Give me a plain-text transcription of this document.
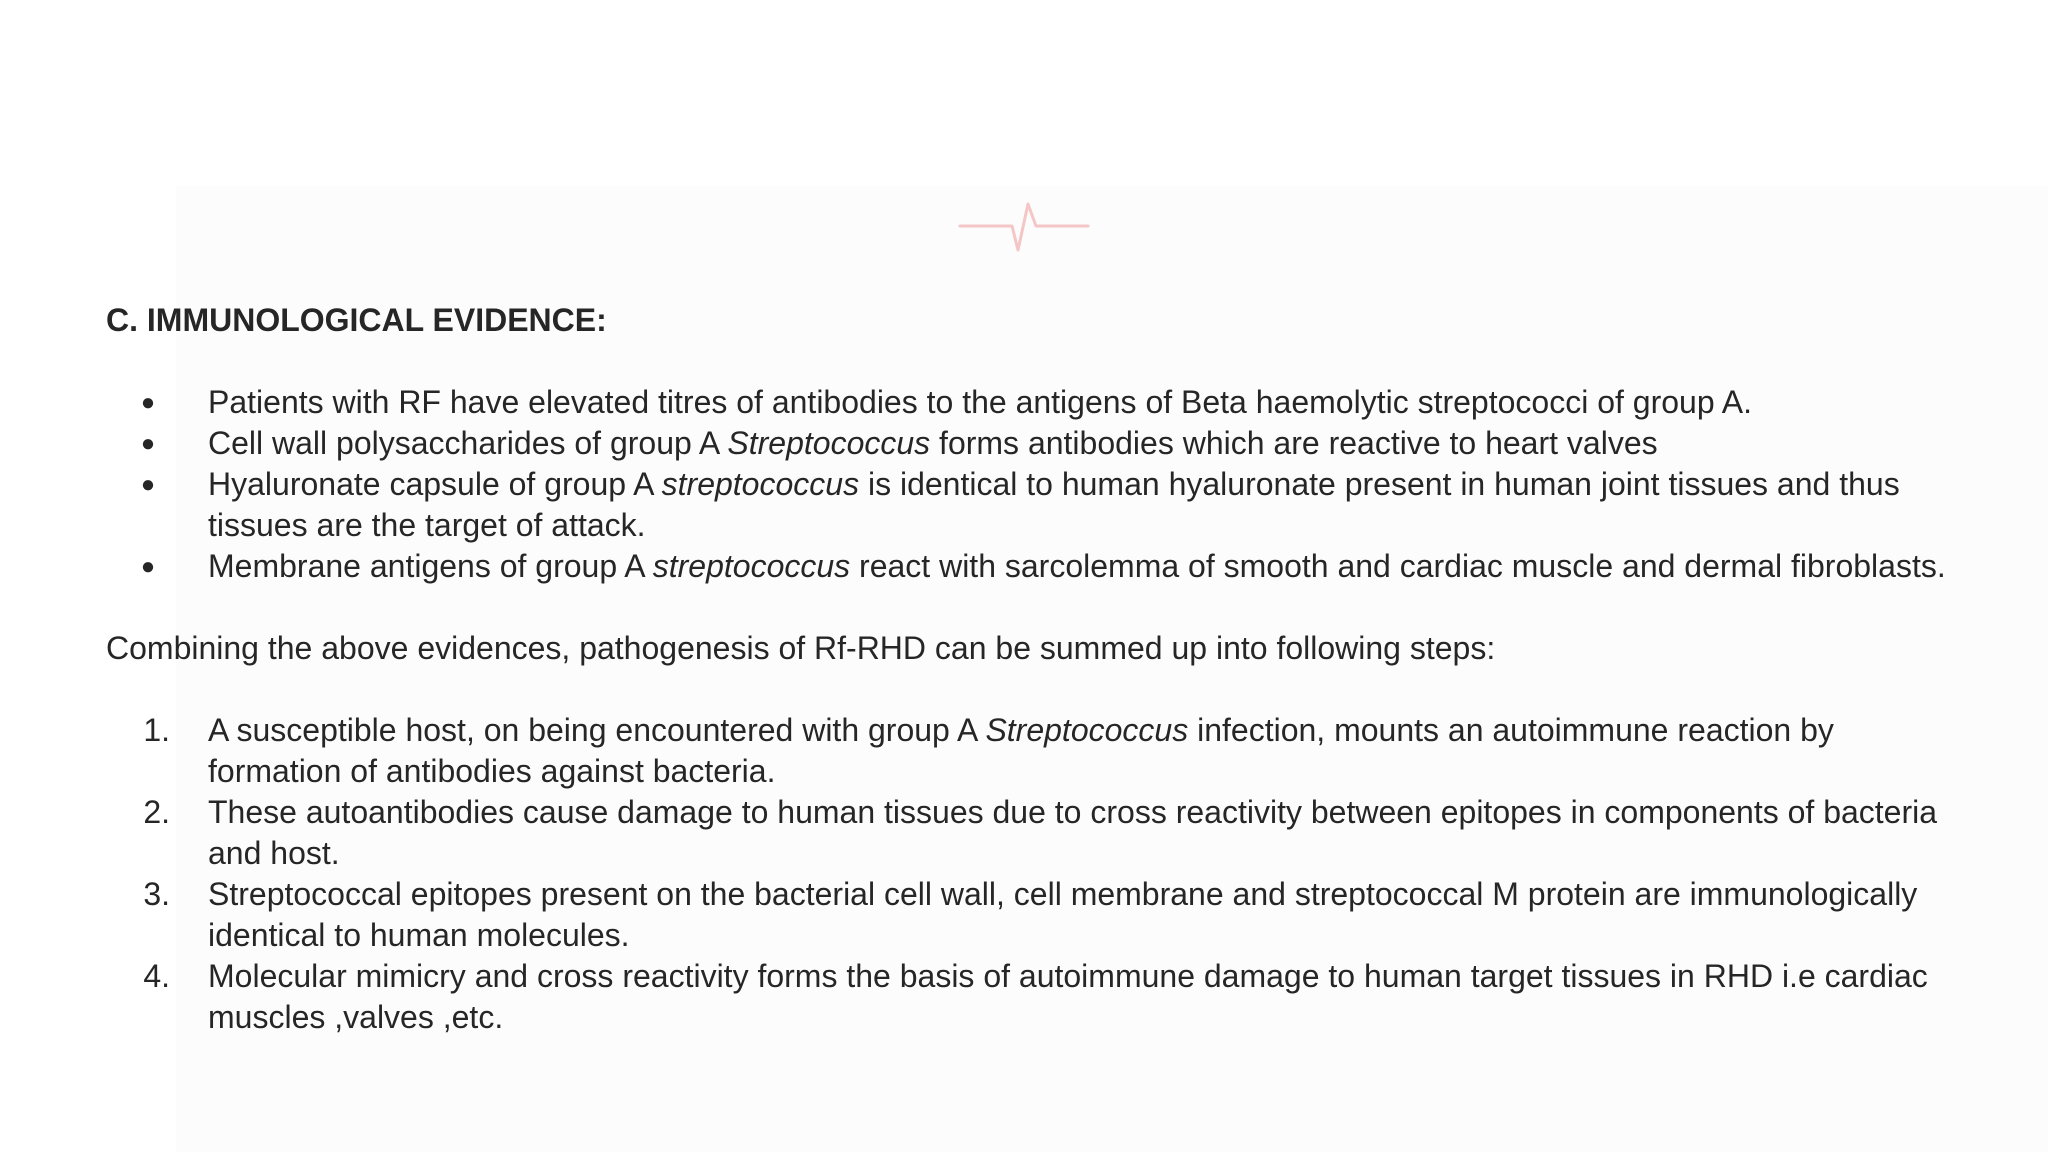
C. IMMUNOLOGICAL EVIDENCE:
● Patients with RF have elevated titres of antibodies to the antigens of Beta haemolytic streptococci of group A.
● Cell wall polysaccharides of group A Streptococcus forms antibodies which are reactive to heart valves
● Hyaluronate capsule of group A streptococcus is identical to human hyaluronate present in human joint tissues and thus tissues are the target of attack.
● Membrane antigens of group A streptococcus react with sarcolemma of smooth and cardiac muscle and dermal fibroblasts.

Combining the above evidences, pathogenesis of Rf-RHD can be summed up into following steps:

1. A susceptible host, on being encountered with group A Streptococcus infection, mounts an autoimmune reaction by formation of antibodies against bacteria.
2. These autoantibodies cause damage to human tissues due to cross reactivity between epitopes in components of bacteria and host.
3. Streptococcal epitopes present on the bacterial cell wall, cell membrane and streptococcal M protein are immunologically identical to human molecules.
4. Molecular mimicry and cross reactivity forms the basis of autoimmune damage to human target tissues in RHD i.e cardiac muscles ,valves ,etc.
